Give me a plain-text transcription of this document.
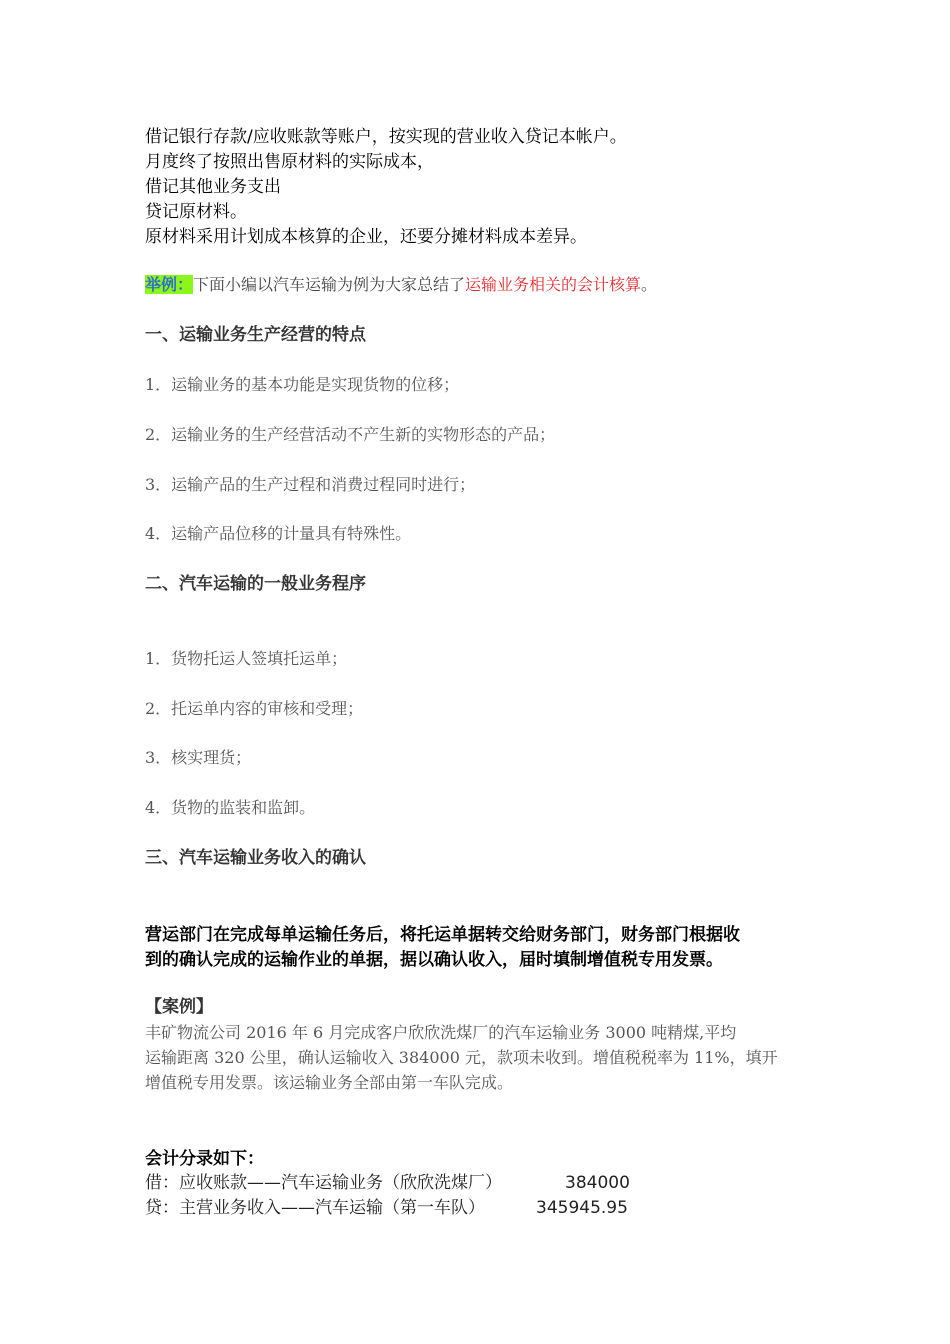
借记银行存款/应收账款等账户，按实现的营业收入贷记本帐户。
月度终了按照出售原材料的实际成本，
借记其他业务支出
贷记原材料。
原材料采用计划成本核算的企业，还要分摊材料成本差异。
举例：下面小编以汽车运输为例为大家总结了运输业务相关的会计核算。
一、运输业务生产经营的特点
1．运输业务的基本功能是实现货物的位移；
2．运输业务的生产经营活动不产生新的实物形态的产品；
3．运输产品的生产过程和消费过程同时进行；
4．运输产品位移的计量具有特殊性。
二、汽车运输的一般业务程序
1．货物托运人签填托运单；
2．托运单内容的审核和受理；
3．核实理货；
4．货物的监装和监卸。
三、汽车运输业务收入的确认
营运部门在完成每单运输任务后，将托运单据转交给财务部门，财务部门根据收
到的确认完成的运输作业的单据，据以确认收入，届时填制增值税专用发票。
【案例】
丰矿物流公司 2016 年 6 月完成客户欣欣洗煤厂的汽车运输业务 3000 吨精煤,平均
运输距离 320 公里，确认运输收入 384000 元，款项未收到。增值税税率为 11%，填开
增值税专用发票。该运输业务全部由第一车队完成。
会计分录如下：
借：应收账款——汽车运输业务（欣欣洗煤厂）	384000
贷：主营业务收入——汽车运输（第一车队）	345945.95
